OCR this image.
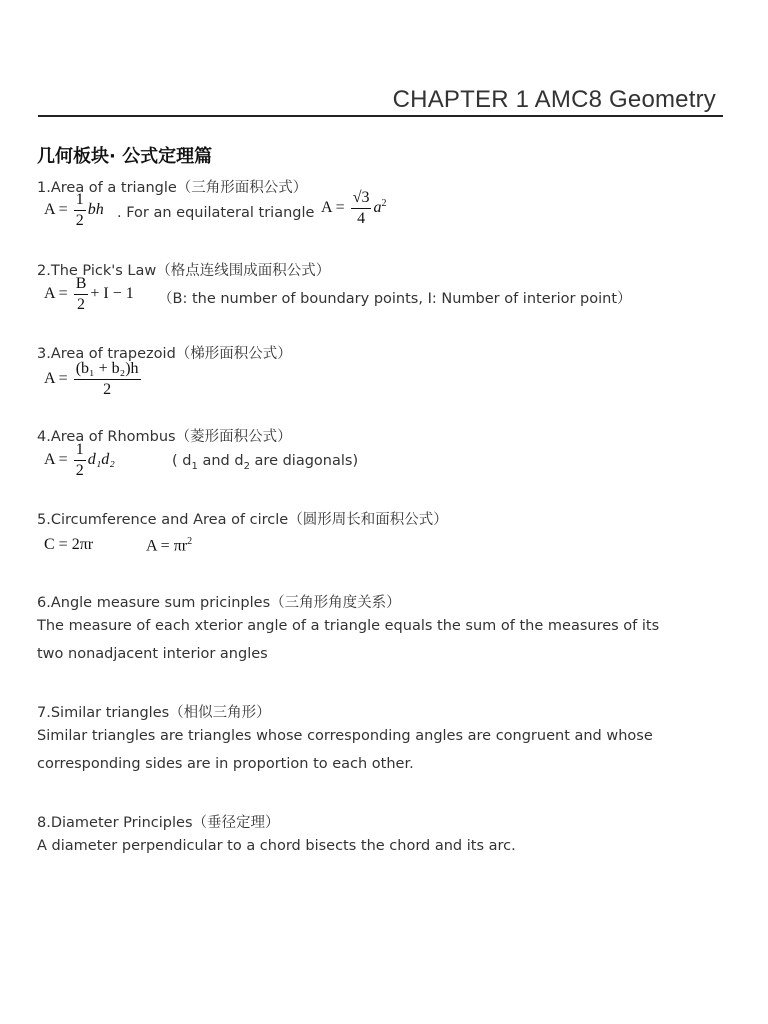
CHAPTER 1 AMC8 Geometry
几何板块· 公式定理篇
1.Area of a triangle（三角形面积公式）
$A = \frac{1}{2}$ bh . For an equilateral triangle $A = \frac{√3}{4} a^2$
2.The Pick's Law（格点连线围成面积公式）
$A = \frac{B}{2} + I - 1$ （B: the number of boundary points, I: Number of interior point）
3.Area of trapezoid（梯形面积公式）
$A = \frac{\text{(b₁ + b₂)h}}{2}$
4.Area of Rhombus（菱形面积公式）
$A = \frac{1}{2} d_1d_2$	( $d_1$ and $d_2$ are diagonals)
5.Circumference and Area of circle（圆形周长和面积公式）
C = 2πr	$A = \pi r^2$
6.Angle measure sum pricinples（三角形角度关系）
The measure of each xterior angle of a triangle equals the sum of the measures of its
two nonadjacent interior angles
7.Similar triangles（相似三角形）
Similar triangles are triangles whose corresponding angles are congruent and whose
corresponding sides are in proportion to each other.
8.Diameter Principles（垂径定理）
A diameter perpendicular to a chord bisects the chord and its arc.
